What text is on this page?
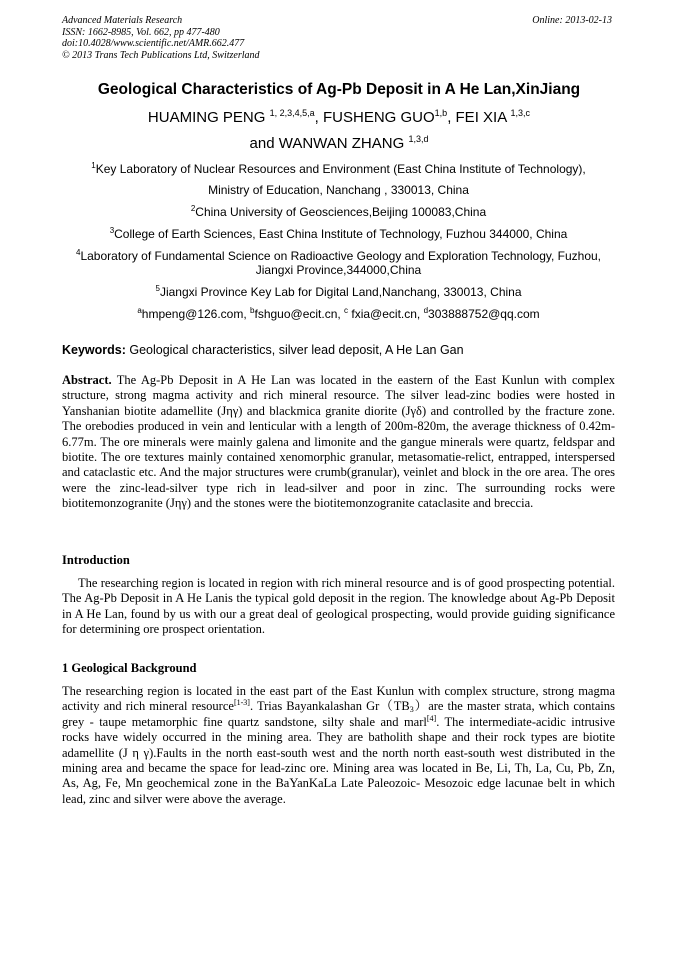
Advanced Materials Research
ISSN: 1662-8985, Vol. 662, pp 477-480
doi:10.4028/www.scientific.net/AMR.662.477
© 2013 Trans Tech Publications Ltd, Switzerland
Online: 2013-02-13
Geological Characteristics of Ag-Pb Deposit in A He Lan,XinJiang
HUAMING PENG $^{1, 2,3,4,5,a}$, FUSHENG GUO$^{1,b}$, FEI XIA $^{1,3,c}$
and WANWAN ZHANG $^{1,3,d}$
$^1$Key Laboratory of Nuclear Resources and Environment (East China Institute of Technology),
Ministry of Education, Nanchang , 330013, China
$^2$China University of Geosciences,Beijing 100083,China
$^3$College of Earth Sciences, East China Institute of Technology, Fuzhou 344000, China
$^4$Laboratory of Fundamental Science on Radioactive Geology and Exploration Technology, Fuzhou, Jiangxi Province,344000,China
$^5$Jiangxi Province Key Lab for Digital Land,Nanchang, 330013, China
$^a$hmpeng@126.com, $^b$fshguo@ecit.cn, $^c$ fxia@ecit.cn, $^d$303888752@qq.com
Keywords: Geological characteristics, silver lead deposit, A He Lan Gan
Abstract. The Ag-Pb Deposit in A He Lan was located in the eastern of the East Kunlun with complex structure, strong magma activity and rich mineral resource. The silver lead-zinc bodies were hosted in Yanshanian biotite adamellite (Jηγ) and blackmica granite diorite (Jγδ) and controlled by the fracture zone. The orebodies produced in vein and lenticular with a length of 200m-820m, the average thickness of 0.42m-6.77m. The ore minerals were mainly galena and limonite and the gangue minerals were quartz, feldspar and biotite. The ore textures mainly contained xenomorphic granular, metasomatie-relict, entrapped, interspersed and cataclastic etc. And the major structures were crumb(granular), veinlet and block in the ore area. The ores were the zinc-lead-silver type rich in lead-silver and poor in zinc. The surrounding rocks were biotitemonzogranite (Jηγ) and the stones were the biotitemonzogranite cataclasite and breccia.
Introduction
The researching region is located in region with rich mineral resource and is of good prospecting potential. The Ag-Pb Deposit in A He Lanis the typical gold deposit in the region. The knowledge about Ag-Pb Deposit in A He Lan, found by us with our a great deal of geological prospecting, would provide guiding significance for determining ore prospect orientation.
1 Geological Background
The researching region is located in the east part of the East Kunlun with complex structure, strong magma activity and rich mineral resource[1-3]. Trias Bayankalashan $Gr(TB_3)are$ the master strata, which contains grey - taupe metamorphic fine quartz sandstone, silty shale and marl[4]. The intermediate-acidic intrusive rocks have widely occurred in the mining area. They are batholith shape and their rock types are biotite adamellite (J η γ).Faults in the north east-south west and the north north east-south west distributed in the mining area and became the space for lead-zinc ore. Mining area was located in Be, Li, Th, La, Cu, Pb, Zn, As, Ag, Fe, Mn geochemical zone in the BaYanKaLa Late Paleozoic- Mesozoic edge lacunae belt in which lead, zinc and silver were above the average.
